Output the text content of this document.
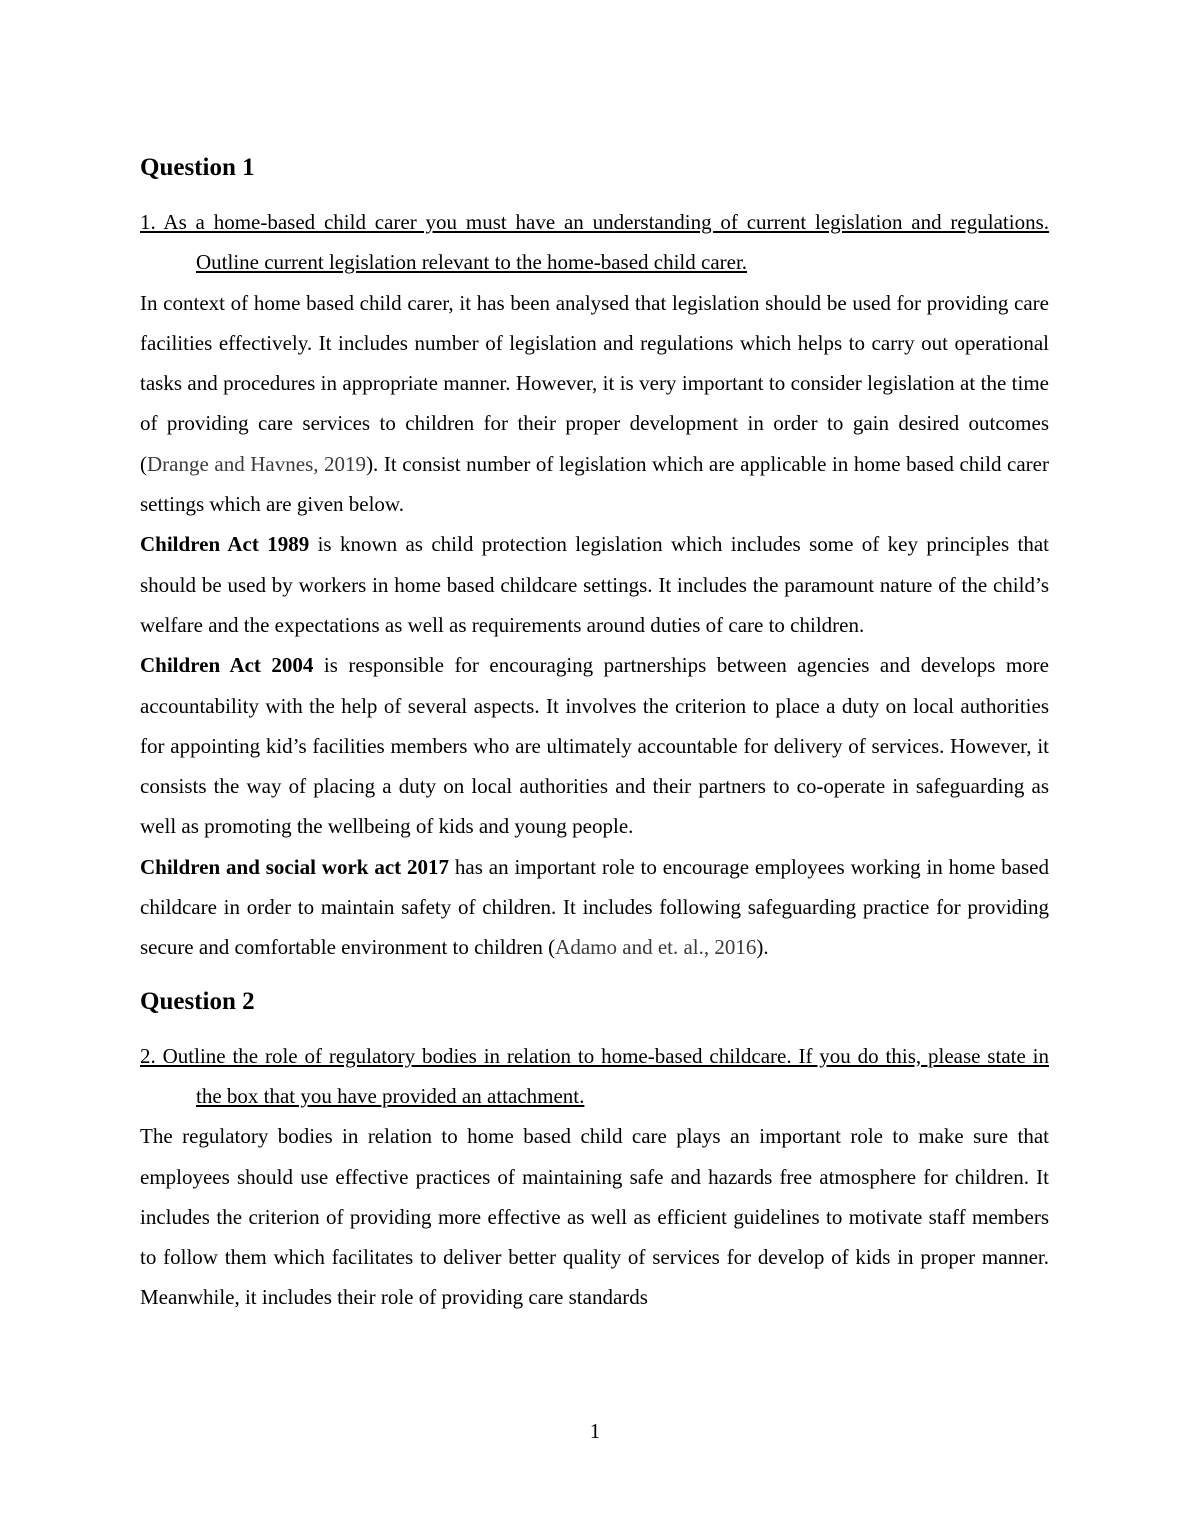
Question 1

1. As a home-based child carer you must have an understanding of current legislation and regulations. Outline current legislation relevant to the home-based child carer.

In context of home based child carer, it has been analysed that legislation should be used for providing care facilities effectively. It includes number of legislation and regulations which helps to carry out operational tasks and procedures in appropriate manner. However, it is very important to consider legislation at the time of providing care services to children for their proper development in order to gain desired outcomes (Drange and Havnes, 2019). It consist number of legislation which are applicable in home based child carer settings which are given below.

Children Act 1989 is known as child protection legislation which includes some of key principles that should be used by workers in home based childcare settings. It includes the paramount nature of the child’s welfare and the expectations as well as requirements around duties of care to children.

Children Act 2004 is responsible for encouraging partnerships between agencies and develops more accountability with the help of several aspects. It involves the criterion to place a duty on local authorities for appointing kid’s facilities members who are ultimately accountable for delivery of services. However, it consists the way of placing a duty on local authorities and their partners to co-operate in safeguarding as well as promoting the wellbeing of kids and young people.

Children and social work act 2017 has an important role to encourage employees working in home based childcare in order to maintain safety of children. It includes following safeguarding practice for providing secure and comfortable environment to children (Adamo and et. al., 2016).

Question 2

2. Outline the role of regulatory bodies in relation to home-based childcare. If you do this, please state in the box that you have provided an attachment.

The regulatory bodies in relation to home based child care plays an important role to make sure that employees should use effective practices of maintaining safe and hazards free atmosphere for children. It includes the criterion of providing more effective as well as efficient guidelines to motivate staff members to follow them which facilitates to deliver better quality of services for develop of kids in proper manner. Meanwhile, it includes their role of providing care standards

1
